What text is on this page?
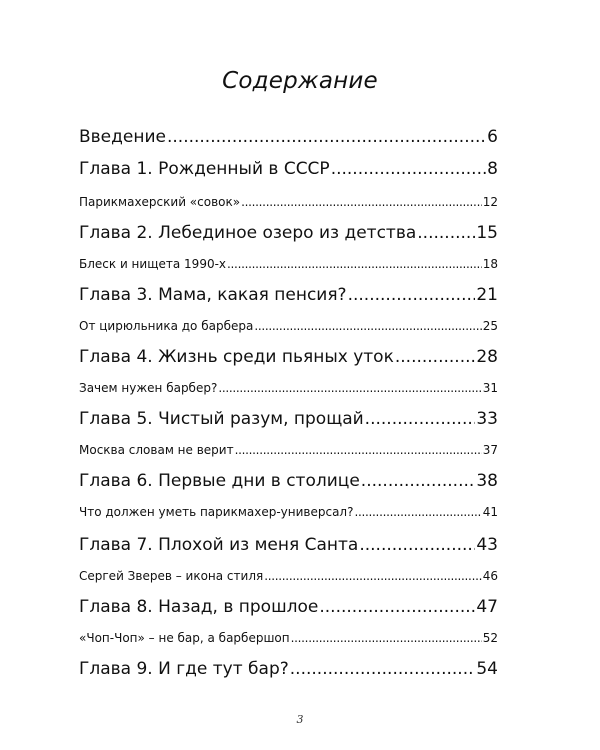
Содержание
Введение .....	6
Глава 1. Рожденный в СССР .....	8
Парикмахерский «совок» .....	12
Глава 2. Лебединое озеро из детства .....	15
Блеск и нищета 1990-х .....	18
Глава 3. Мама, какая пенсия? .....	21
От цирюльника до барбера .....	25
Глава 4. Жизнь среди пьяных уток .....	28
Зачем нужен барбер? .....	31
Глава 5. Чистый разум, прощай .....	33
Москва словам не верит .....	37
Глава 6. Первые дни в столице .....	38
Что должен уметь парикмахер-универсал? .....	41
Глава 7. Плохой из меня Санта .....	43
Сергей Зверев – икона стиля .....	46
Глава 8. Назад, в прошлое .....	47
«Чоп-Чоп» – не бар, а барбершоп .....	52
Глава 9. И где тут бар? .....	54
3
